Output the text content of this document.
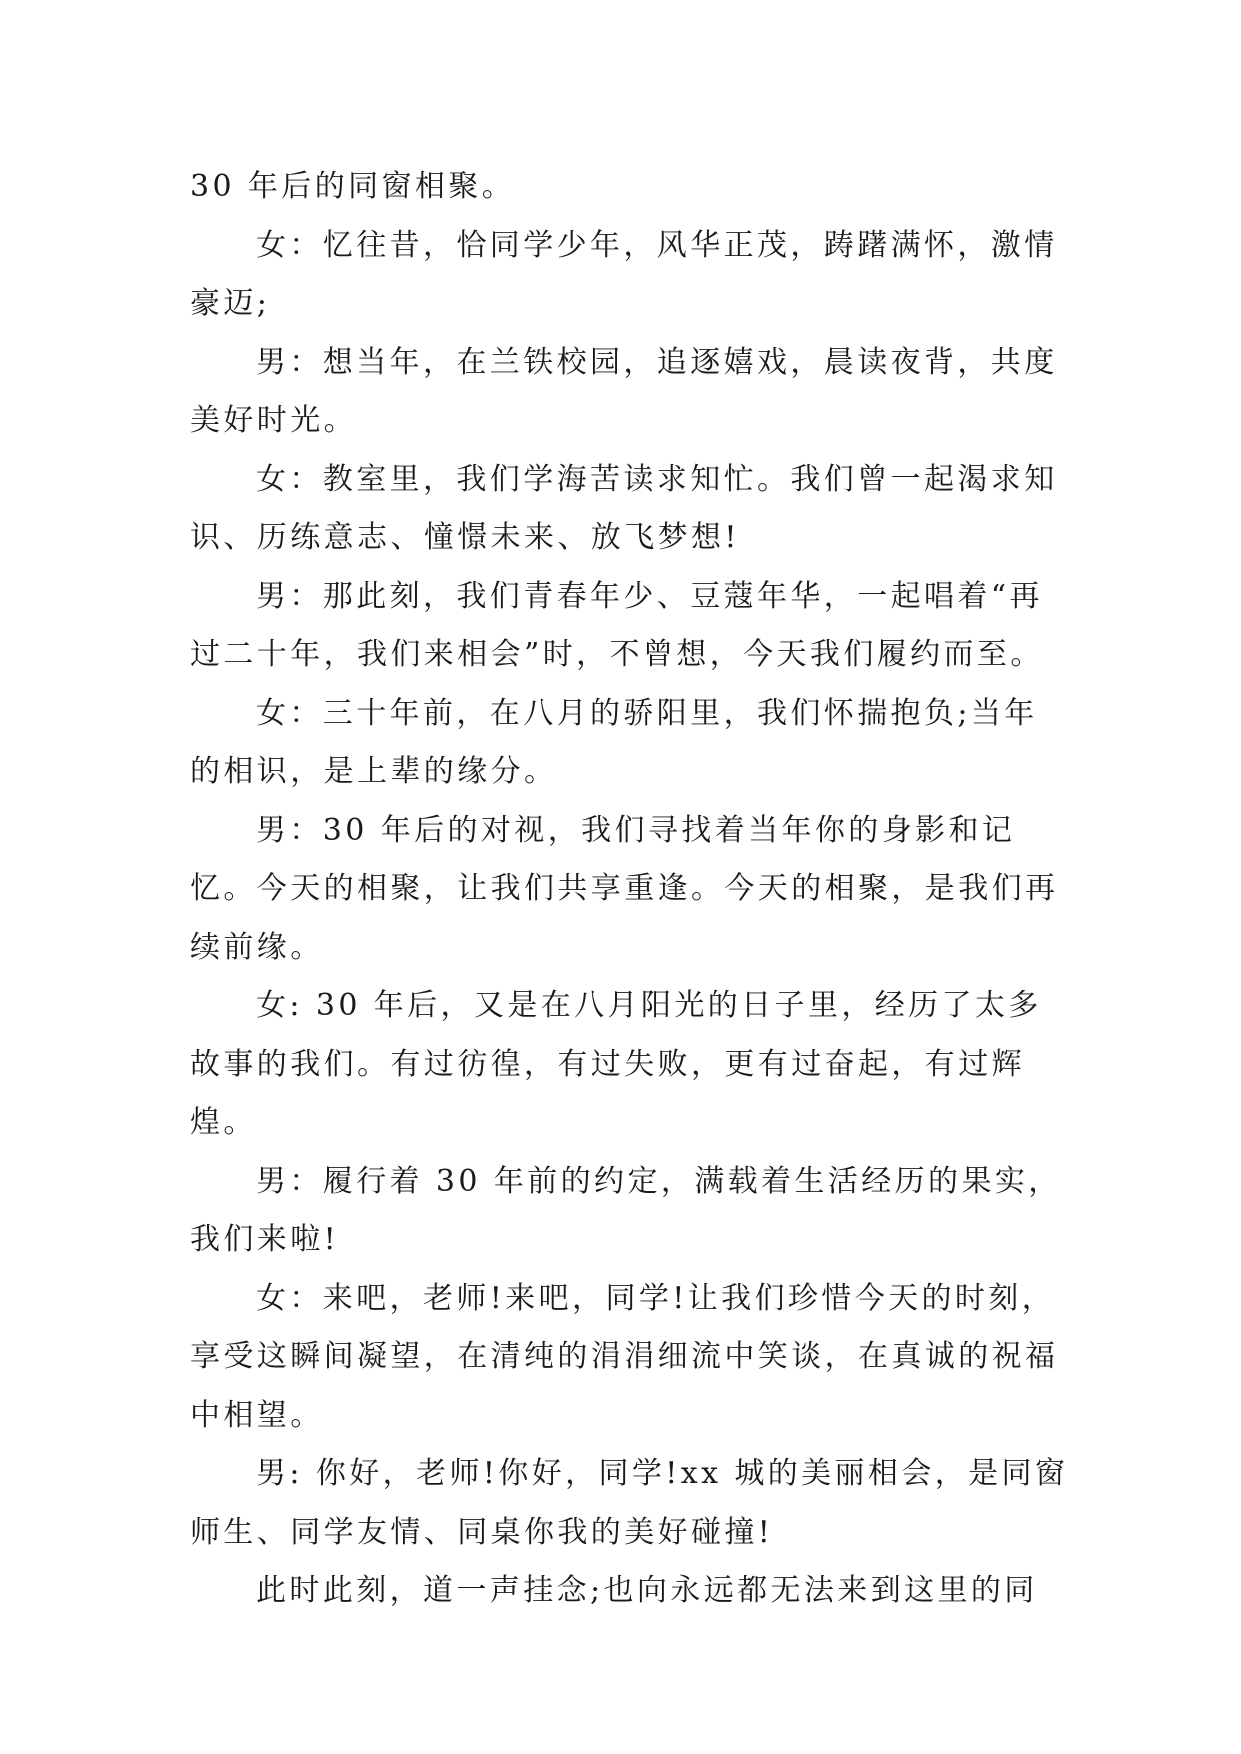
30 年后的同窗相聚。

女：忆往昔，恰同学少年，风华正茂，踌躇满怀，激情豪迈;

男：想当年，在兰铁校园，追逐嬉戏，晨读夜背，共度美好时光。

女：教室里，我们学海苦读求知忙。我们曾一起渴求知识、历练意志、憧憬未来、放飞梦想!

男：那此刻，我们青春年少、豆蔻年华，一起唱着“再过二十年，我们来相会”时，不曾想，今天我们履约而至。

女：三十年前，在八月的骄阳里，我们怀揣抱负;当年的相识，是上辈的缘分。

男：30 年后的对视，我们寻找着当年你的身影和记忆。今天的相聚，让我们共享重逢。今天的相聚，是我们再续前缘。

女: 30 年后，又是在八月阳光的日子里，经历了太多故事的我们。有过彷徨，有过失败，更有过奋起，有过辉煌。

男：履行着 30 年前的约定，满载着生活经历的果实，我们来啦!

女：来吧，老师!来吧，同学!让我们珍惜今天的时刻，享受这瞬间凝望，在清纯的涓涓细流中笑谈，在真诚的祝福中相望。

男: 你好，老师!你好，同学!xx 城的美丽相会，是同窗师生、同学友情、同桌你我的美好碰撞!

此时此刻，道一声挂念;也向永远都无法来到这里的同
